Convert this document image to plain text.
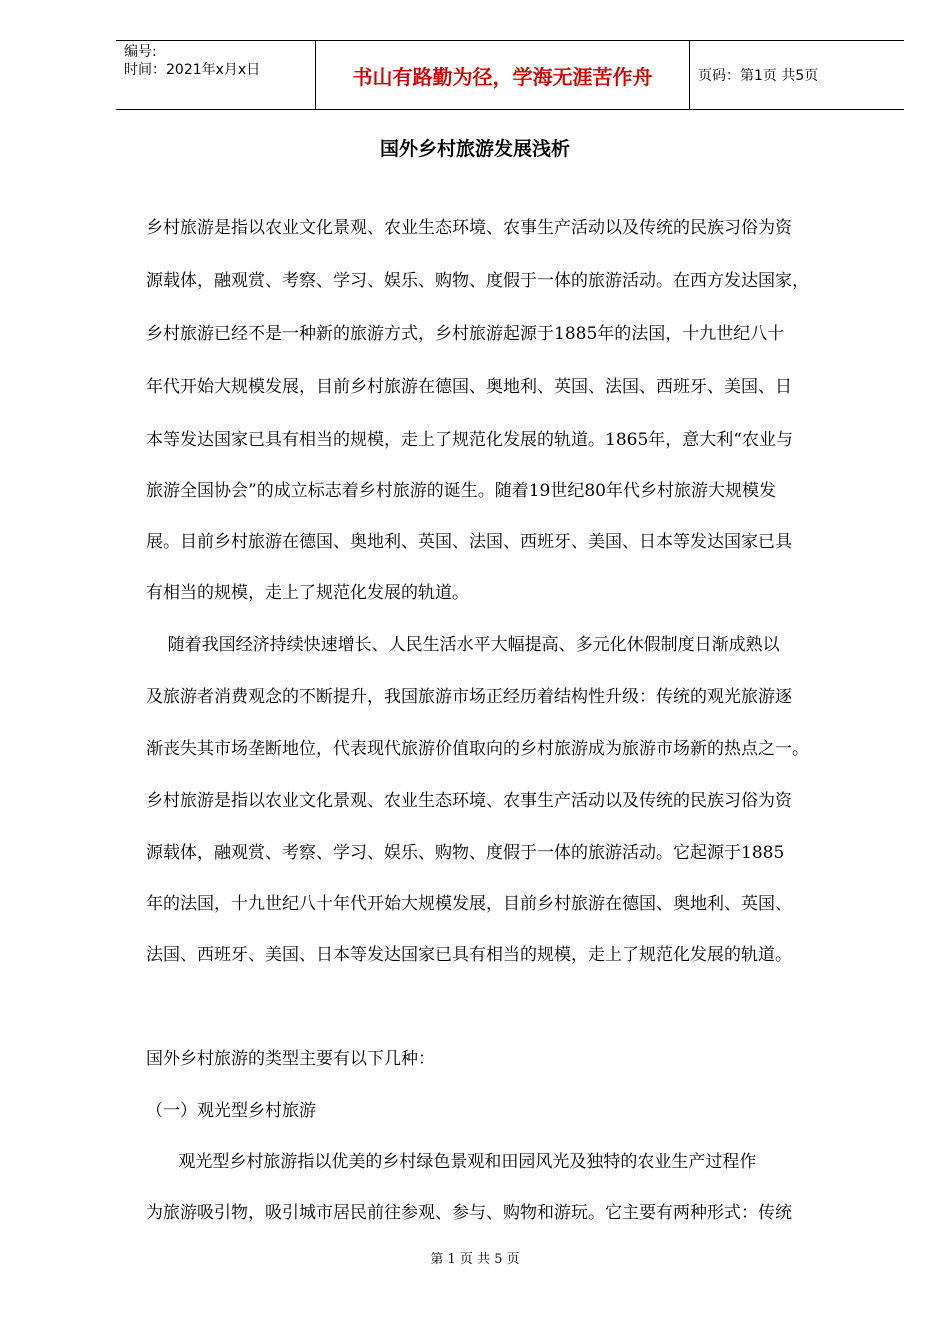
编号:
时间：2021年x月x日	书山有路勤为径，学海无涯苦作舟	页码：第1页 共5页
国外乡村旅游发展浅析
乡村旅游是指以农业文化景观、农业生态环境、农事生产活动以及传统的民族习俗为资
源载体，融观赏、考察、学习、娱乐、购物、度假于一体的旅游活动。在西方发达国家，
乡村旅游已经不是一种新的旅游方式，乡村旅游起源于1885年的法国，十九世纪八十
年代开始大规模发展，目前乡村旅游在德国、奥地利、英国、法国、西班牙、美国、日
本等发达国家已具有相当的规模，走上了规范化发展的轨道。1865年，意大利“农业与
旅游全国协会”的成立标志着乡村旅游的诞生。随着19世纪80年代乡村旅游大规模发
展。目前乡村旅游在德国、奥地利、英国、法国、西班牙、美国、日本等发达国家已具
有相当的规模，走上了规范化发展的轨道。
随着我国经济持续快速增长、人民生活水平大幅提高、多元化休假制度日渐成熟以
及旅游者消费观念的不断提升，我国旅游市场正经历着结构性升级：传统的观光旅游逐
渐丧失其市场垄断地位，代表现代旅游价值取向的乡村旅游成为旅游市场新的热点之一。
乡村旅游是指以农业文化景观、农业生态环境、农事生产活动以及传统的民族习俗为资
源载体，融观赏、考察、学习、娱乐、购物、度假于一体的旅游活动。它起源于1885
年的法国，十九世纪八十年代开始大规模发展，目前乡村旅游在德国、奥地利、英国、
法国、西班牙、美国、日本等发达国家已具有相当的规模，走上了规范化发展的轨道。
国外乡村旅游的类型主要有以下几种：
（一）观光型乡村旅游
观光型乡村旅游指以优美的乡村绿色景观和田园风光及独特的农业生产过程作
为旅游吸引物，吸引城市居民前往参观、参与、购物和游玩。它主要有两种形式：传统
第 1 页 共 5 页
